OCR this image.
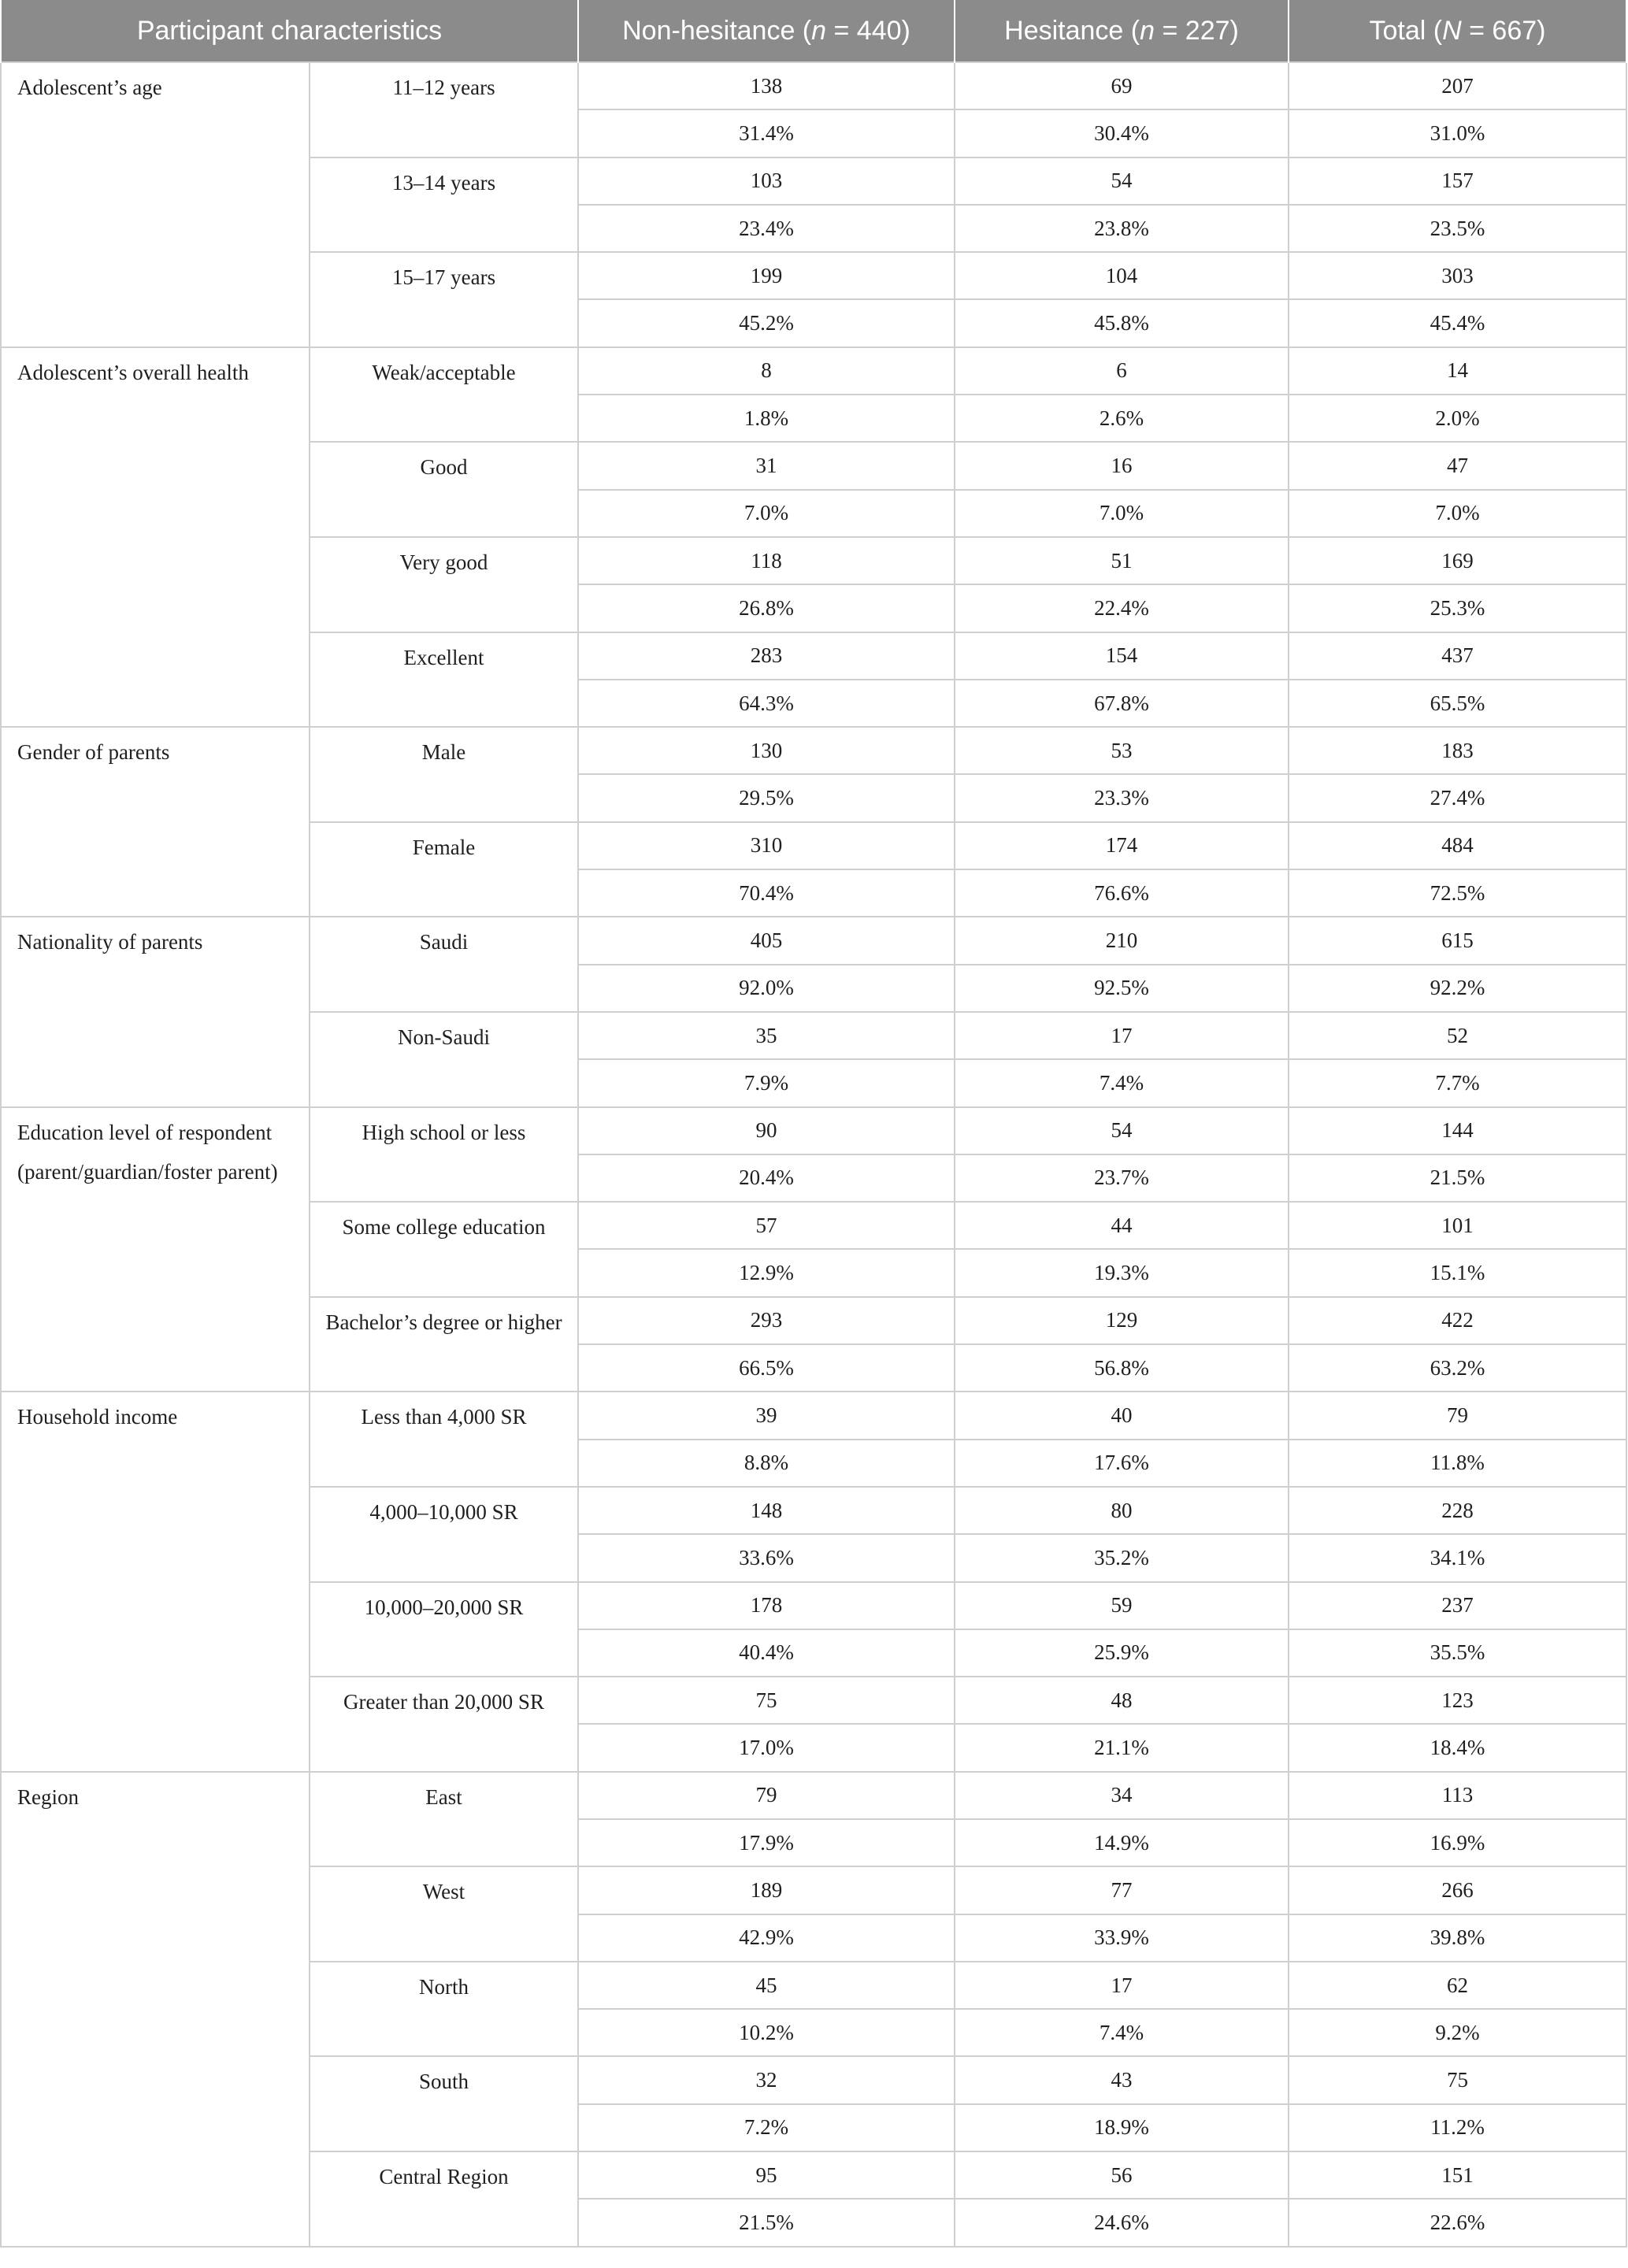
Participant characteristics		Non-hesitance (n = 440)	Hesitance (n = 227)	Total (N = 667)
Adolescent’s age	11–12 years	138	69	207
		31.4%	30.4%	31.0%
	13–14 years	103	54	157
		23.4%	23.8%	23.5%
	15–17 years	199	104	303
		45.2%	45.8%	45.4%
Adolescent’s overall health	Weak/acceptable	8	6	14
		1.8%	2.6%	2.0%
	Good	31	16	47
		7.0%	7.0%	7.0%
	Very good	118	51	169
		26.8%	22.4%	25.3%
	Excellent	283	154	437
		64.3%	67.8%	65.5%
Gender of parents	Male	130	53	183
		29.5%	23.3%	27.4%
	Female	310	174	484
		70.4%	76.6%	72.5%
Nationality of parents	Saudi	405	210	615
		92.0%	92.5%	92.2%
	Non-Saudi	35	17	52
		7.9%	7.4%	7.7%
Education level of respondent (parent/guardian/foster parent)	High school or less	90	54	144
		20.4%	23.7%	21.5%
	Some college education	57	44	101
		12.9%	19.3%	15.1%
	Bachelor’s degree or higher	293	129	422
		66.5%	56.8%	63.2%
Household income	Less than 4,000 SR	39	40	79
		8.8%	17.6%	11.8%
	4,000–10,000 SR	148	80	228
		33.6%	35.2%	34.1%
	10,000–20,000 SR	178	59	237
		40.4%	25.9%	35.5%
	Greater than 20,000 SR	75	48	123
		17.0%	21.1%	18.4%
Region	East	79	34	113
		17.9%	14.9%	16.9%
	West	189	77	266
		42.9%	33.9%	39.8%
	North	45	17	62
		10.2%	7.4%	9.2%
	South	32	43	75
		7.2%	18.9%	11.2%
	Central Region	95	56	151
		21.5%	24.6%	22.6%
